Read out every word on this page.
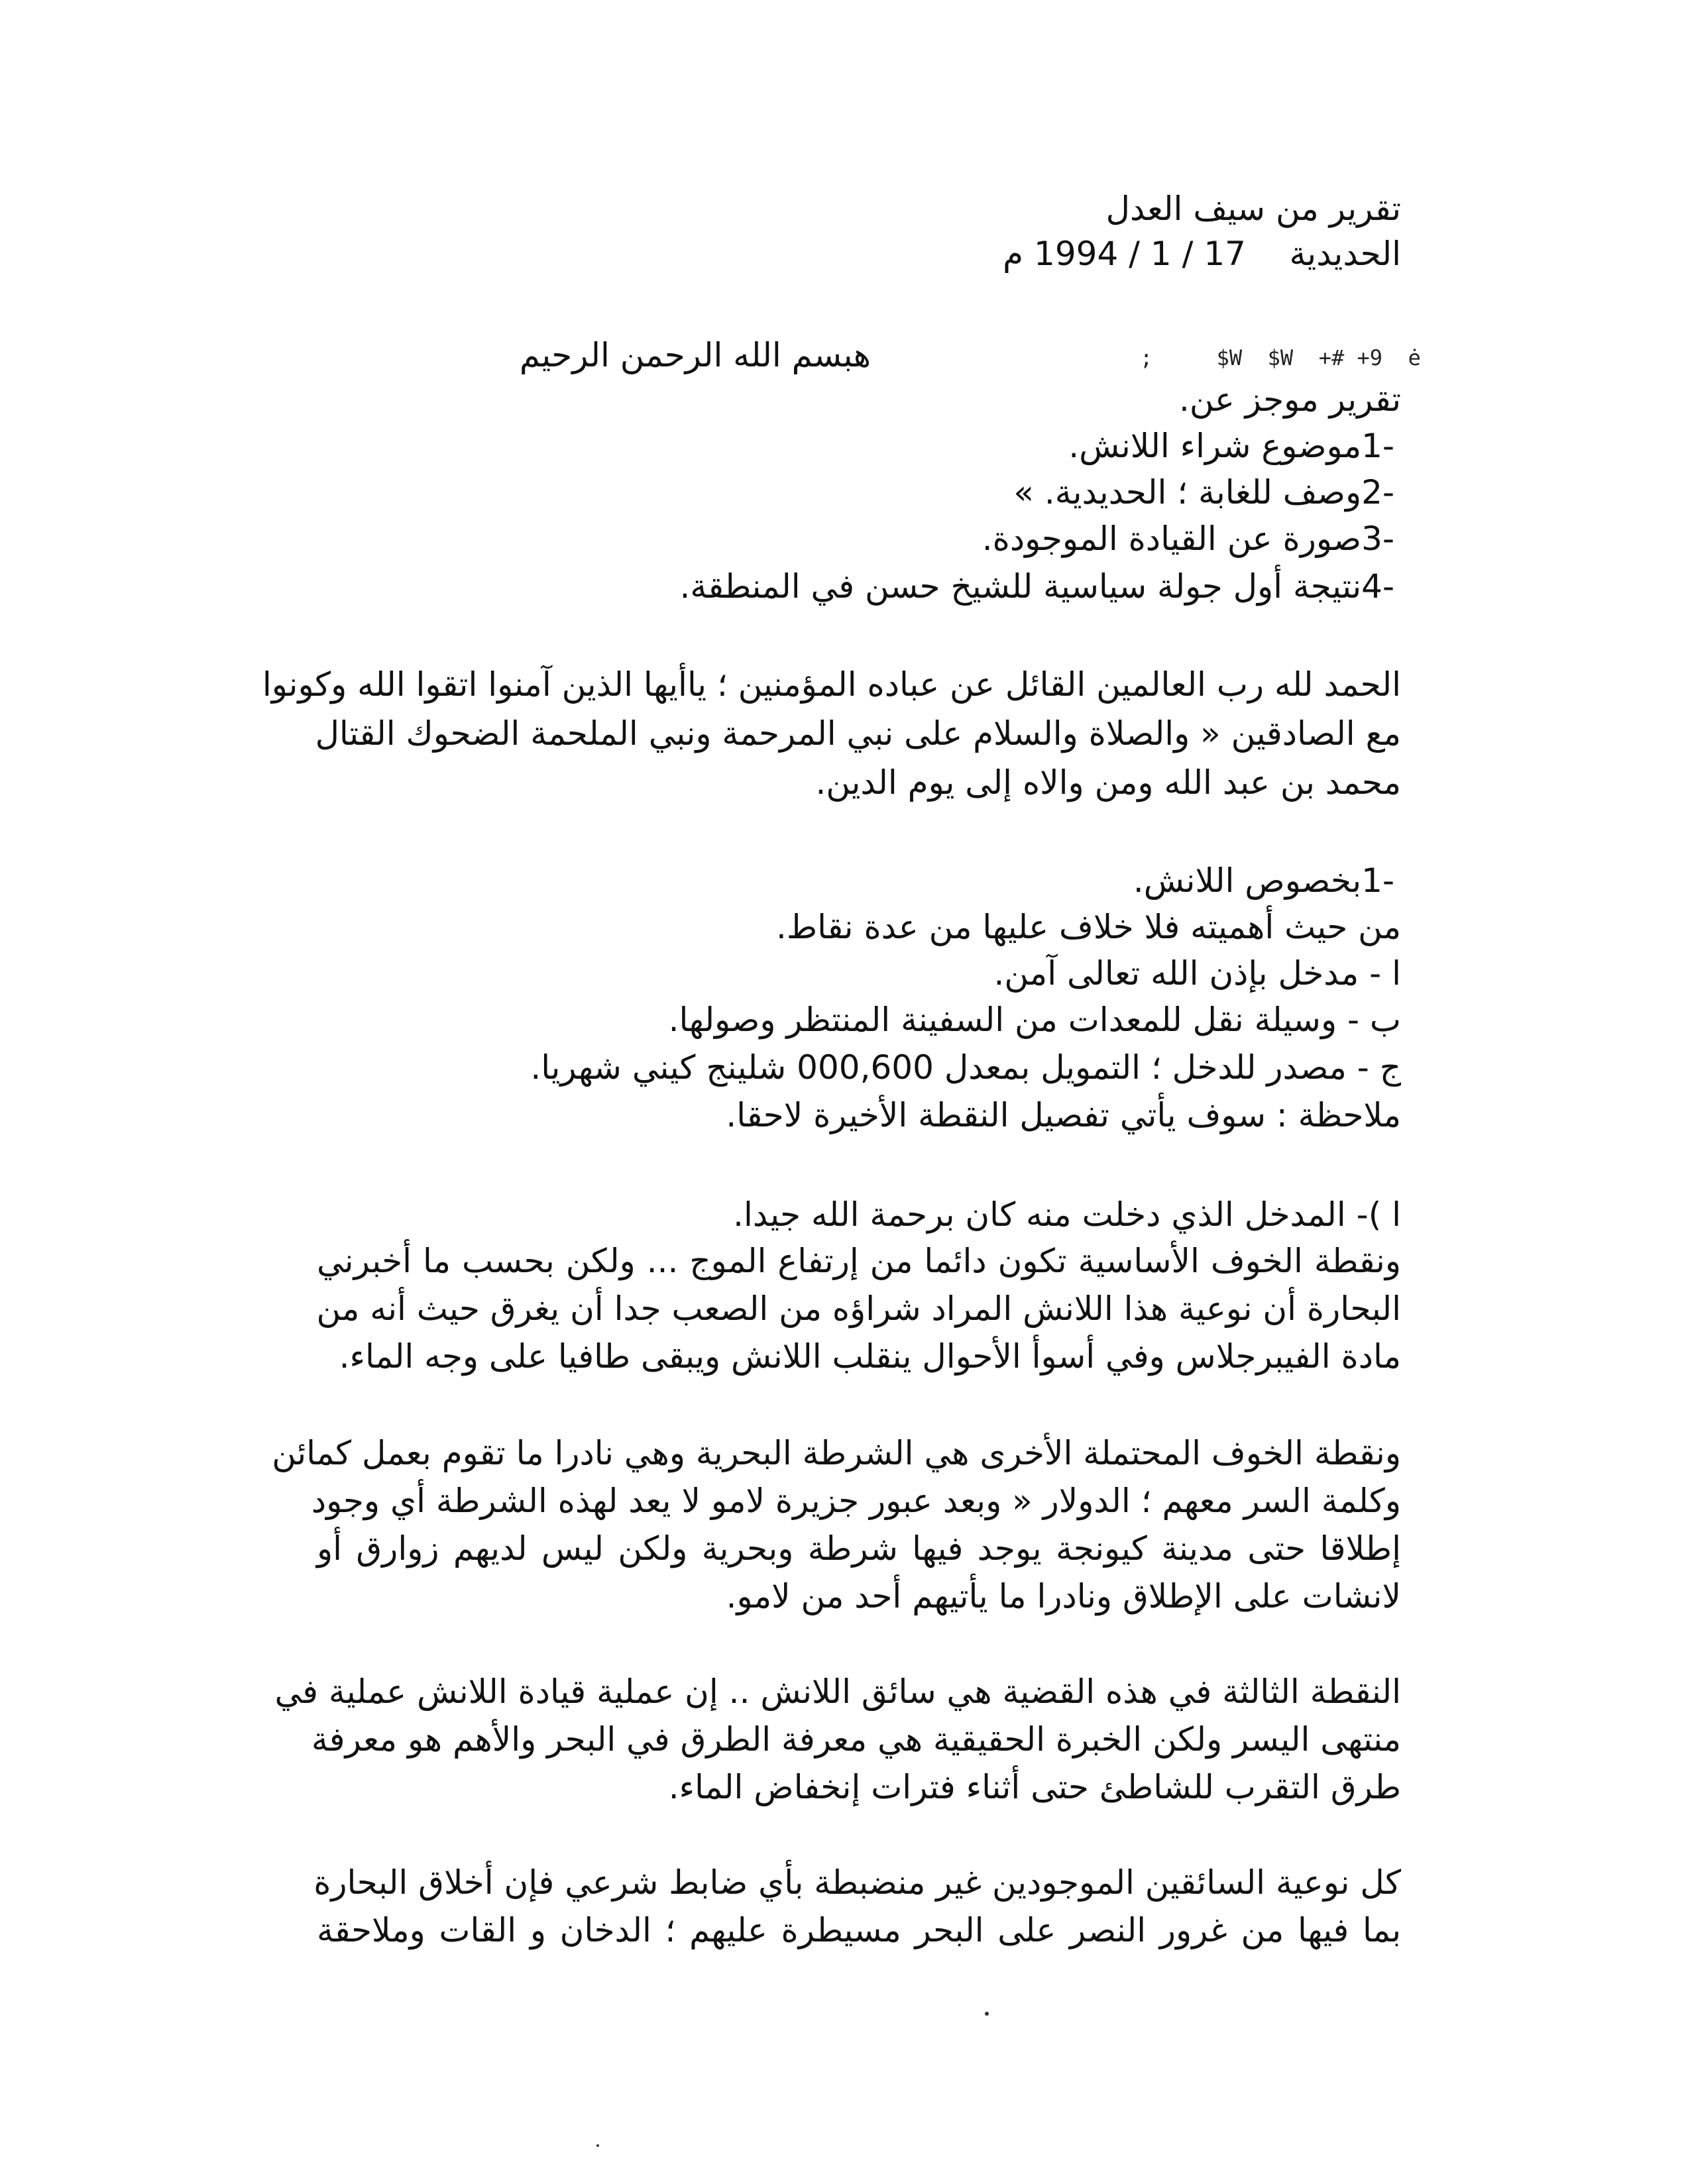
تقرير من سيف العدل
الحديدية
17 / 1 / 1994 م
هبسم الله الرحمن الرحيم	;     $W  $W  +# +9  ė
تقرير موجز عن.
-1موضوع شراء اللانش.
-2وصف للغابة ؛ الحديدية. »
-3صورة عن القيادة الموجودة.
-4نتيجة أول جولة سياسية للشيخ حسن في المنطقة.
الحمد لله رب العالمين القائل عن عباده المؤمنين ؛ ياأيها الذين آمنوا اتقوا الله وكونوا
مع الصادقين « والصلاة والسلام على نبي المرحمة ونبي الملحمة الضحوك القتال
محمد بن عبد الله ومن والاه إلى يوم الدين.
-1بخصوص اللانش.
من حيث أهميته فلا خلاف عليها من عدة نقاط.
ا - مدخل بإذن الله تعالى آمن.
ب - وسيلة نقل للمعدات من السفينة المنتظر وصولها.
ج - مصدر للدخل ؛ التمويل بمعدل 000,600 شلينج كيني شهريا.
ملاحظة : سوف يأتي تفصيل النقطة الأخيرة لاحقا.
ا )- المدخل الذي دخلت منه كان برحمة الله جيدا.
ونقطة الخوف الأساسية تكون دائما من إرتفاع الموج ... ولكن بحسب ما أخبرني
البحارة أن نوعية هذا اللانش المراد شراؤه من الصعب جدا أن يغرق حيث أنه من
مادة الفيبرجلاس وفي أسوأ الأحوال ينقلب اللانش ويبقى طافيا على وجه الماء.
ونقطة الخوف المحتملة الأخرى هي الشرطة البحرية وهي نادرا ما تقوم بعمل كمائن
وكلمة السر معهم ؛ الدولار « وبعد عبور جزيرة لامو لا يعد لهذه الشرطة أي وجود
إطلاقا حتى مدينة كيونجة يوجد فيها شرطة وبحرية ولكن ليس لديهم زوارق أو
لانشات على الإطلاق ونادرا ما يأتيهم أحد من لامو.
النقطة الثالثة في هذه القضية هي سائق اللانش .. إن عملية قيادة اللانش عملية في
منتهى اليسر ولكن الخبرة الحقيقية هي معرفة الطرق في البحر والأهم هو معرفة
طرق التقرب للشاطئ حتى أثناء فترات إنخفاض الماء.
كل نوعية السائقين الموجودين غير منضبطة بأي ضابط شرعي فإن أخلاق البحارة
بما فيها من غرور النصر على البحر مسيطرة عليهم ؛ الدخان و القات وملاحقة
